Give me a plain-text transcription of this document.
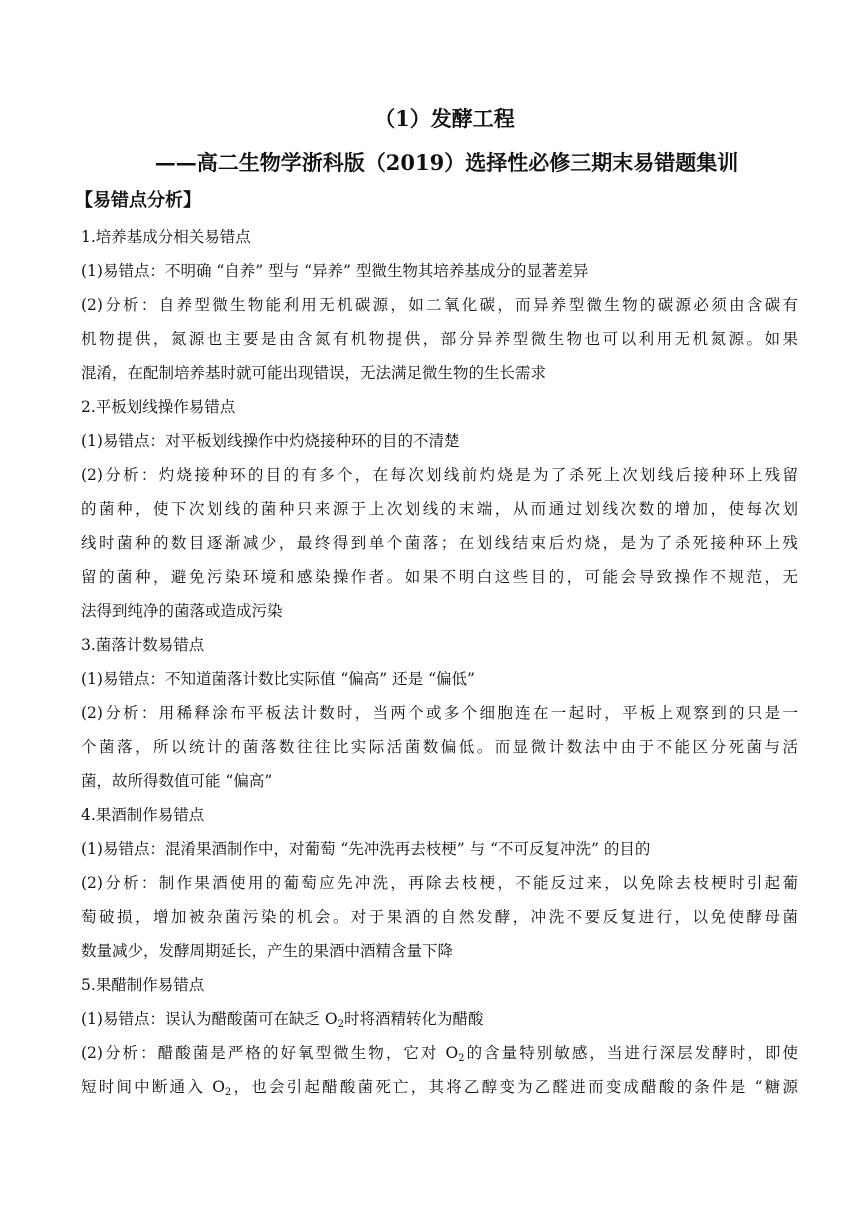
（1）发酵工程
——高二生物学浙科版（2019）选择性必修三期末易错题集训
【易错点分析】
1.培养基成分相关易错点
(1)易错点：不明确 “自养” 型与 “异养” 型微生物其培养基成分的显著差异
(2)分析：自养型微生物能利用无机碳源，如二氧化碳，而异养型微生物的碳源必须由含碳有
机物提供，氮源也主要是由含氮有机物提供，部分异养型微生物也可以利用无机氮源。如果
混淆，在配制培养基时就可能出现错误，无法满足微生物的生长需求
2.平板划线操作易错点
(1)易错点：对平板划线操作中灼烧接种环的目的不清楚
(2)分析：灼烧接种环的目的有多个，在每次划线前灼烧是为了杀死上次划线后接种环上残留
的菌种，使下次划线的菌种只来源于上次划线的末端，从而通过划线次数的增加，使每次划
线时菌种的数目逐渐减少，最终得到单个菌落；在划线结束后灼烧，是为了杀死接种环上残
留的菌种，避免污染环境和感染操作者。如果不明白这些目的，可能会导致操作不规范，无
法得到纯净的菌落或造成污染
3.菌落计数易错点
(1)易错点：不知道菌落计数比实际值 “偏高” 还是 “偏低”
(2)分析：用稀释涂布平板法计数时，当两个或多个细胞连在一起时，平板上观察到的只是一
个菌落，所以统计的菌落数往往比实际活菌数偏低。而显微计数法中由于不能区分死菌与活
菌，故所得数值可能 “偏高”
4.果酒制作易错点
(1)易错点：混淆果酒制作中，对葡萄 “先冲洗再去枝梗” 与 “不可反复冲洗” 的目的
(2)分析：制作果酒使用的葡萄应先冲洗，再除去枝梗，不能反过来，以免除去枝梗时引起葡
萄破损，增加被杂菌污染的机会。对于果酒的自然发酵，冲洗不要反复进行，以免使酵母菌
数量减少，发酵周期延长，产生的果酒中酒精含量下降
5.果醋制作易错点
(1)易错点：误认为醋酸菌可在缺乏 $O_2$时将酒精转化为醋酸
(2)分析：醋酸菌是严格的好氧型微生物，它对 $O_2$的含量特别敏感，当进行深层发酵时，即使
短时间中断通入 $O_2$，也会引起醋酸菌死亡，其将乙醇变为乙醛进而变成醋酸的条件是 “糖源
